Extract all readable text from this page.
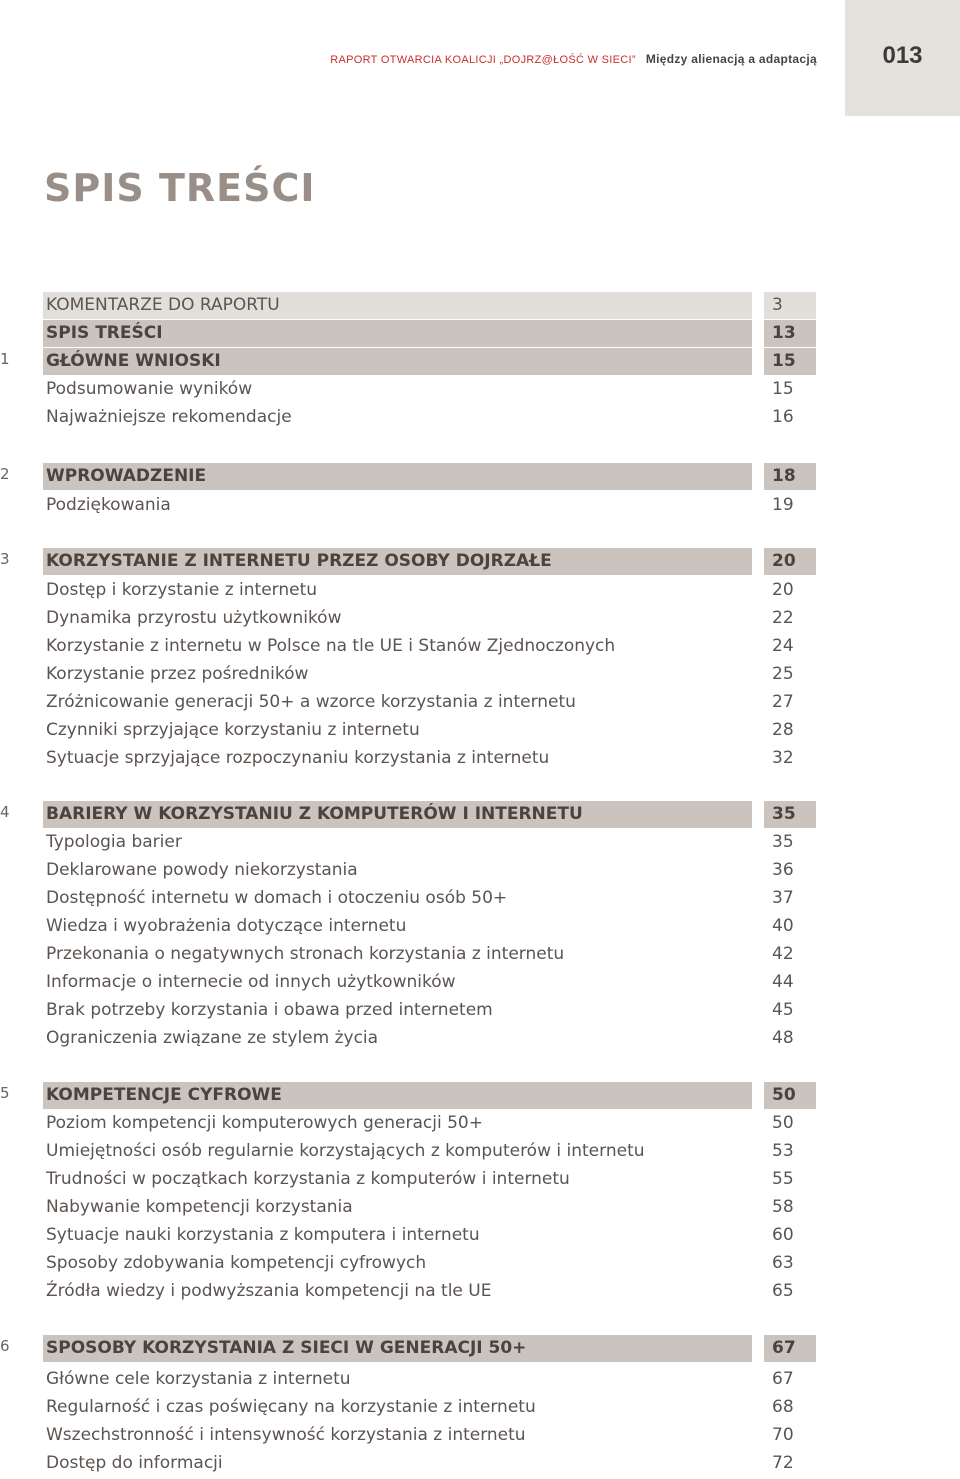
RAPORT OTWARCIA KOALICJI „DOJRZ@ŁOŚĆ W SIECI” Między alienacją a adaptacją	013
SPIS TREŚCI
KOMENTARZE DO RAPORTU	3
SPIS TREŚCI	13
1	GŁÓWNE WNIOSKI	15
Podsumowanie wyników	15
Najważniejsze rekomendacje	16
2	WPROWADZENIE	18
Podziękowania	19
3	KORZYSTANIE Z INTERNETU PRZEZ OSOBY DOJRZAŁE	20
Dostęp i korzystanie z internetu	20
Dynamika przyrostu użytkowników	22
Korzystanie z internetu w Polsce na tle UE i Stanów Zjednoczonych	24
Korzystanie przez pośredników	25
Zróżnicowanie generacji 50+ a wzorce korzystania z internetu	27
Czynniki sprzyjające korzystaniu z internetu	28
Sytuacje sprzyjające rozpoczynaniu korzystania z internetu	32
4	BARIERY W KORZYSTANIU Z KOMPUTERÓW I INTERNETU	35
Typologia barier	35
Deklarowane powody niekorzystania	36
Dostępność internetu w domach i otoczeniu osób 50+	37
Wiedza i wyobrażenia dotyczące internetu	40
Przekonania o negatywnych stronach korzystania z internetu	42
Informacje o internecie od innych użytkowników	44
Brak potrzeby korzystania i obawa przed internetem	45
Ograniczenia związane ze stylem życia	48
5	KOMPETENCJE CYFROWE	50
Poziom kompetencji komputerowych generacji 50+	50
Umiejętności osób regularnie korzystających z komputerów i internetu	53
Trudności w początkach korzystania z komputerów i internetu	55
Nabywanie kompetencji korzystania	58
Sytuacje nauki korzystania z komputera i internetu	60
Sposoby zdobywania kompetencji cyfrowych	63
Źródła wiedzy i podwyższania kompetencji na tle UE	65
6	SPOSOBY KORZYSTANIA Z SIECI W GENERACJI 50+	67
Główne cele korzystania z internetu	67
Regularność i czas poświęcany na korzystanie z internetu	68
Wszechstronność i intensywność korzystania z internetu	70
Dostęp do informacji	72
